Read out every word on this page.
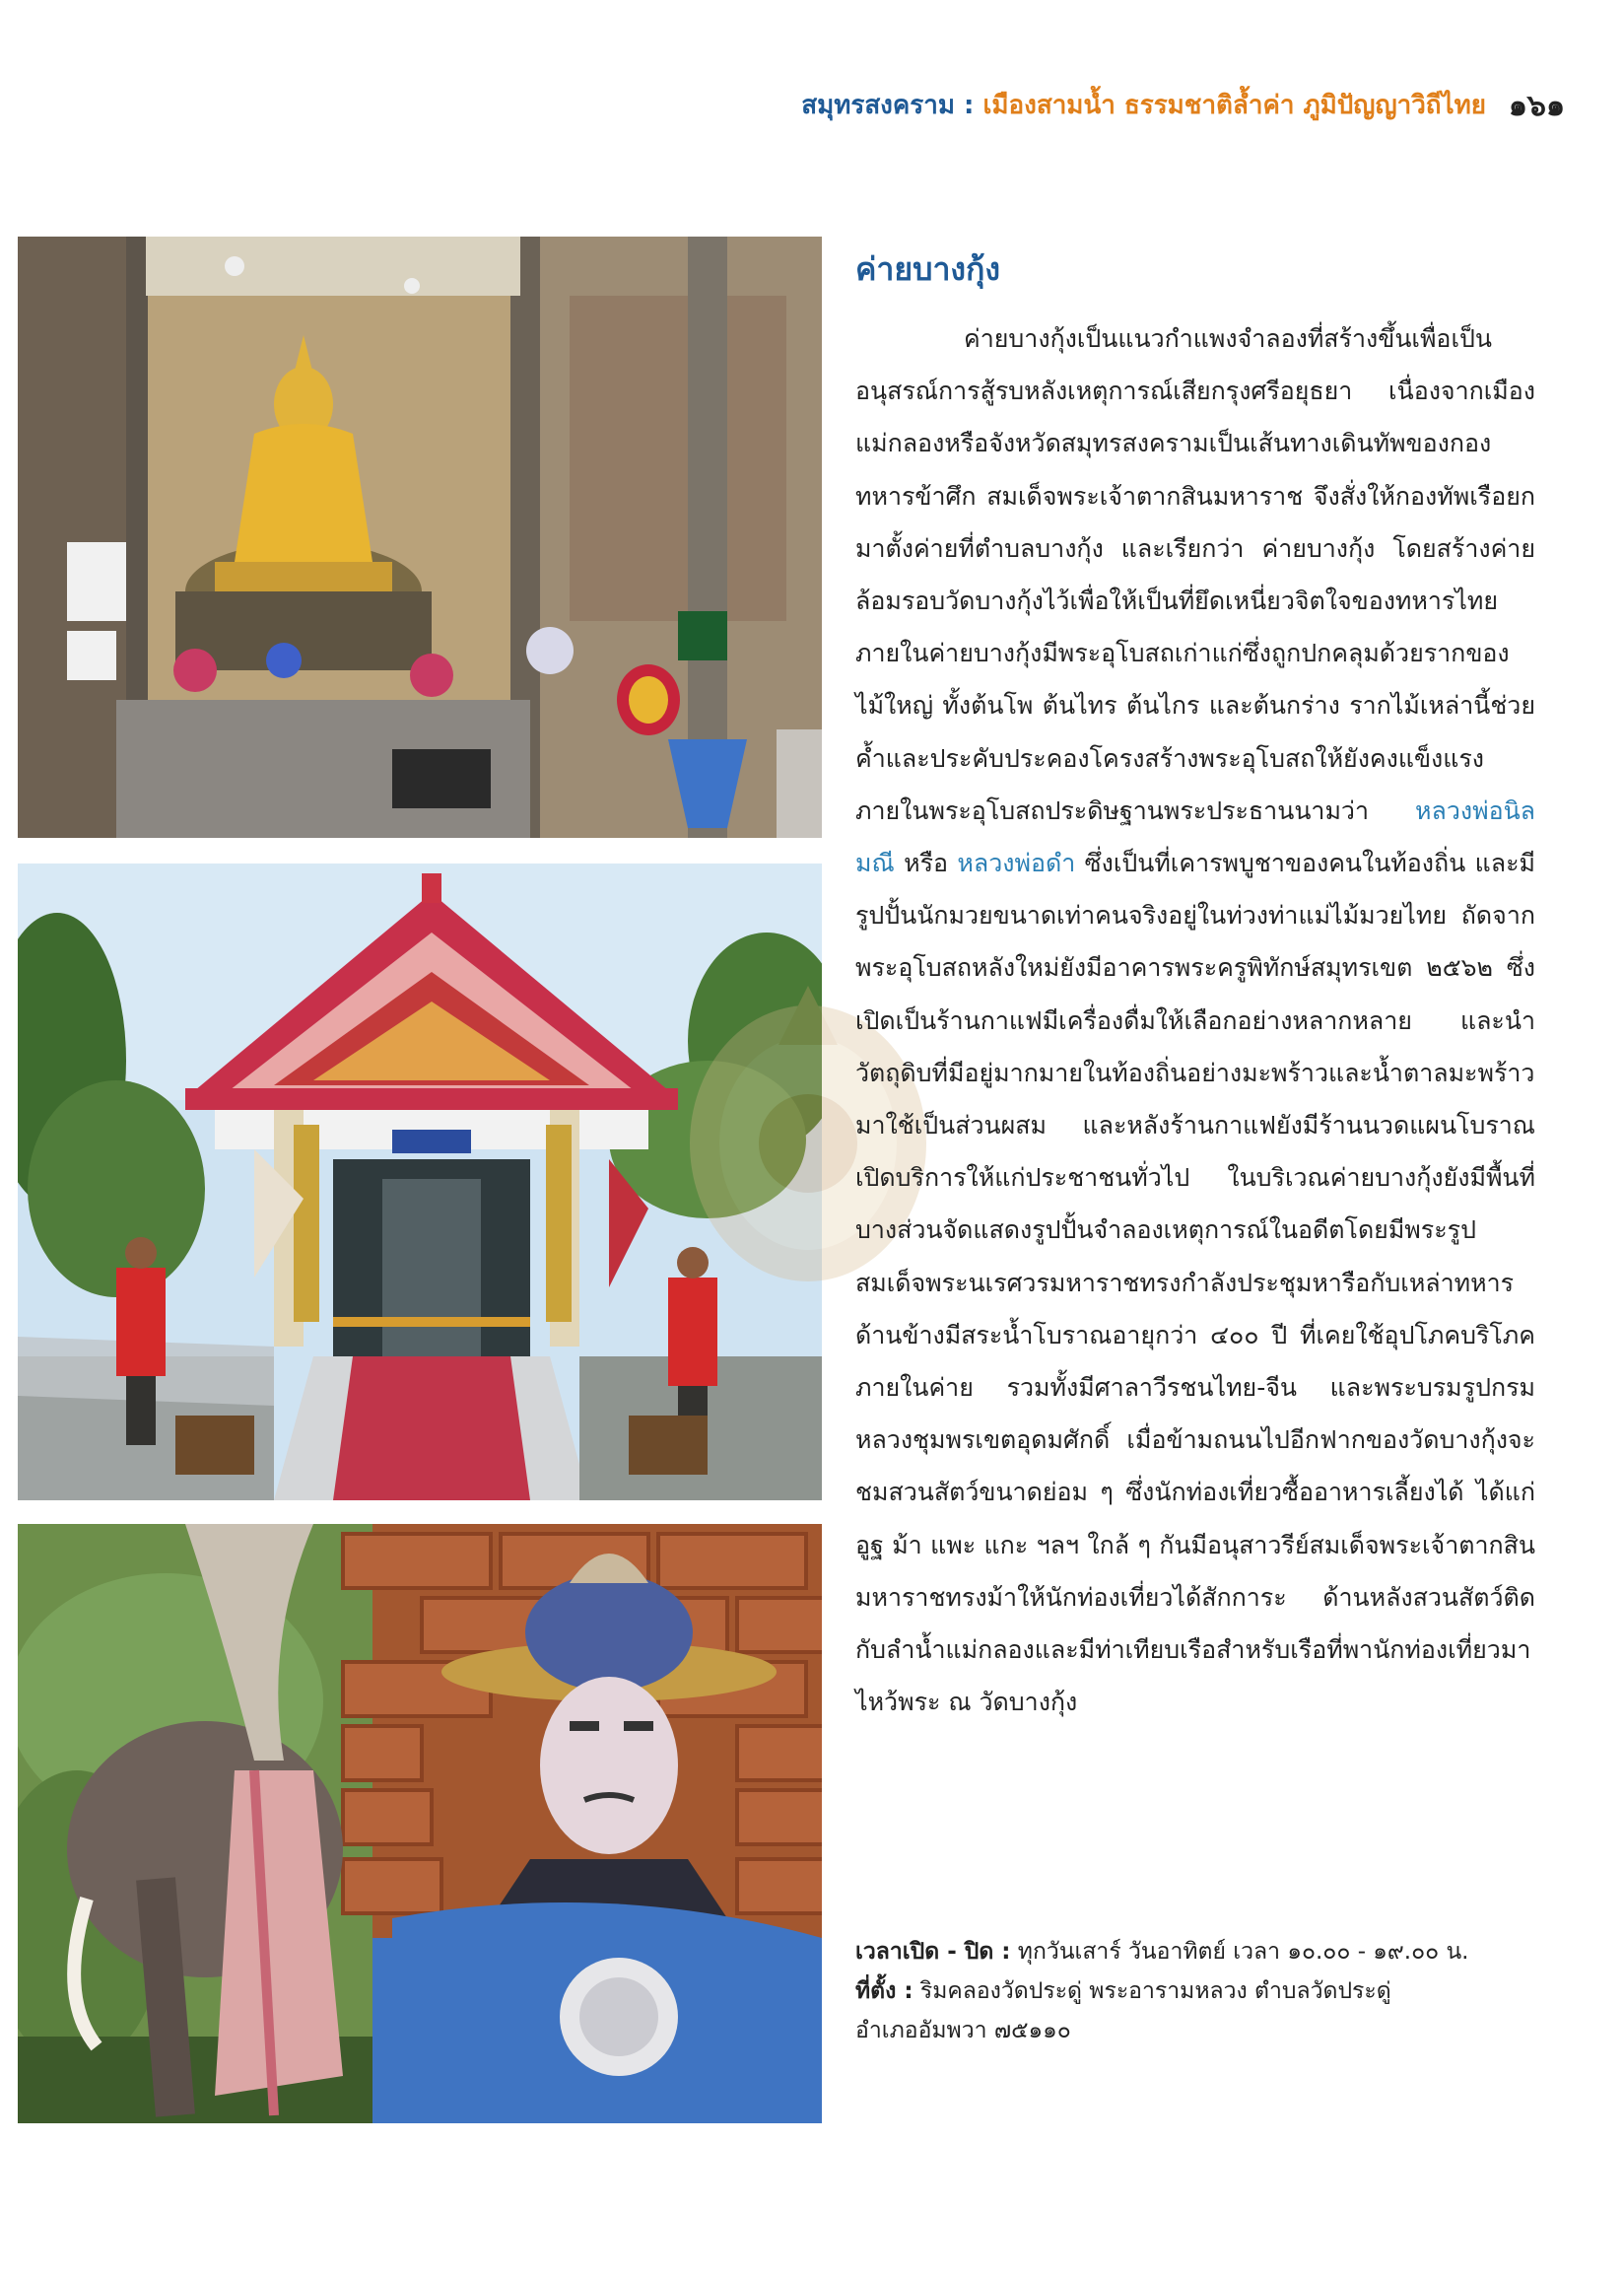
สมุทรสงคราม : เมืองสามน้ำ ธรรมชาติล้ำค่า ภูมิปัญญาวิถีไทย ๑๖๑
ค่ายบางกุ้ง

ค่ายบางกุ้งเป็นแนวกำแพงจำลองที่สร้างขึ้นเพื่อเป็นอนุสรณ์การสู้รบหลังเหตุการณ์เสียกรุงศรีอยุธยา เนื่องจากเมืองแม่กลองหรือจังหวัดสมุทรสงครามเป็นเส้นทางเดินทัพของกองทหารข้าศึก สมเด็จพระเจ้าตากสินมหาราช จึงสั่งให้กองทัพเรือยกมาตั้งค่ายที่ตำบลบางกุ้ง และเรียกว่า ค่ายบางกุ้ง โดยสร้างค่ายล้อมรอบวัดบางกุ้งไว้เพื่อให้เป็นที่ยึดเหนี่ยวจิตใจของทหารไทย ภายในค่ายบางกุ้งมีพระอุโบสถเก่าแก่ซึ่งถูกปกคลุมด้วยรากของไม้ใหญ่ ทั้งต้นโพ ต้นไทร ต้นไกร และต้นกร่าง รากไม้เหล่านี้ช่วยค้ำและประคับประคองโครงสร้างพระอุโบสถให้ยังคงแข็งแรง ภายในพระอุโบสถประดิษฐานพระประธานนามว่า หลวงพ่อนิลมณี หรือ หลวงพ่อดำ ซึ่งเป็นที่เคารพบูชาของคนในท้องถิ่น และมีรูปปั้นนักมวยขนาดเท่าคนจริงอยู่ในท่วงท่าแม่ไม้มวยไทย ถัดจากพระอุโบสถหลังใหม่ยังมีอาคารพระครูพิทักษ์สมุทรเขต ๒๕๖๒ ซึ่งเปิดเป็นร้านกาแฟมีเครื่องดื่มให้เลือกอย่างหลากหลาย และนำวัตถุดิบที่มีอยู่มากมายในท้องถิ่นอย่างมะพร้าวและน้ำตาลมะพร้าวมาใช้เป็นส่วนผสม และหลังร้านกาแฟยังมีร้านนวดแผนโบราณเปิดบริการให้แก่ประชาชนทั่วไป ในบริเวณค่ายบางกุ้งยังมีพื้นที่บางส่วนจัดแสดงรูปปั้นจำลองเหตุการณ์ในอดีตโดยมีพระรูปสมเด็จพระนเรศวรมหาราชทรงกำลังประชุมหารือกับเหล่าทหาร ด้านข้างมีสระน้ำโบราณอายุกว่า ๔๐๐ ปี ที่เคยใช้อุปโภคบริโภคภายในค่าย รวมทั้งมีศาลาวีรชนไทย-จีน และพระบรมรูปกรมหลวงชุมพรเขตอุดมศักดิ์ เมื่อข้ามถนนไปอีกฟากของวัดบางกุ้งจะชมสวนสัตว์ขนาดย่อม ๆ ซึ่งนักท่องเที่ยวซื้ออาหารเลี้ยงได้ ได้แก่ อูฐ ม้า แพะ แกะ ฯลฯ ใกล้ ๆ กันมีอนุสาวรีย์สมเด็จพระเจ้าตากสินมหาราชทรงม้าให้นักท่องเที่ยวได้สักการะ ด้านหลังสวนสัตว์ติดกับลำน้ำแม่กลองและมีท่าเทียบเรือสำหรับเรือที่พานักท่องเที่ยวมาไหว้พระ ณ วัดบางกุ้ง

เวลาเปิด - ปิด : ทุกวันเสาร์ วันอาทิตย์ เวลา ๑๐.๐๐ - ๑๙.๐๐ น.
ที่ตั้ง : ริมคลองวัดประดู่ พระอารามหลวง ตำบลวัดประดู่
อำเภออัมพวา ๗๕๑๑๐
